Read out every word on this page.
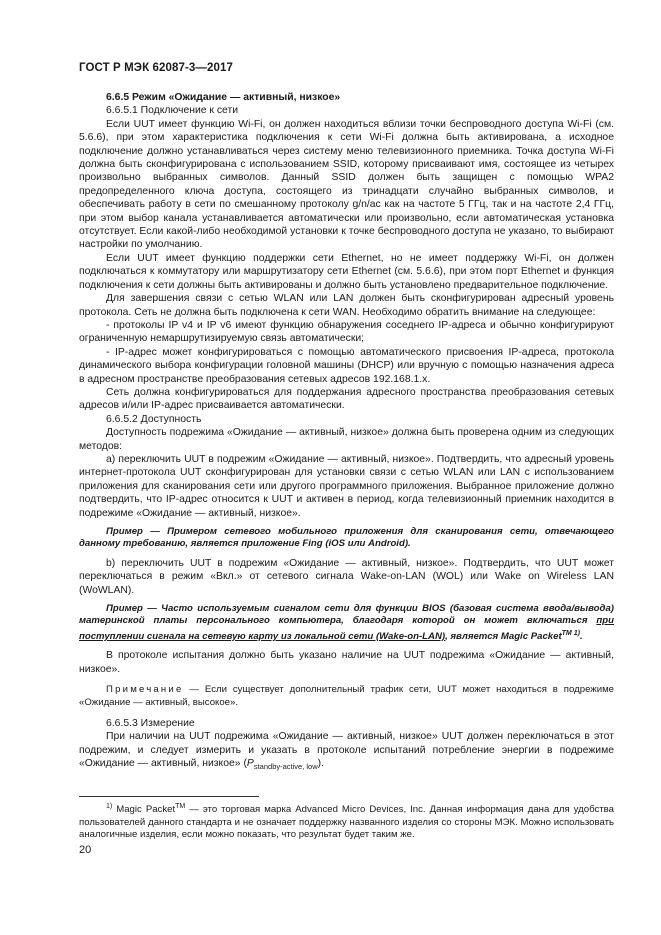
ГОСТ Р МЭК 62087-3—2017

6.6.5 Режим «Ожидание — активный, низкое»

6.6.5.1 Подключение к сети

Если UUT имеет функцию Wi-Fi, он должен находиться вблизи точки беспроводного доступа Wi-Fi (см. 5.6.6), при этом характеристика подключения к сети Wi-Fi должна быть активирована, а исходное подключение должно устанавливаться через систему меню телевизионного приемника. Точка доступа Wi-Fi должна быть сконфигурирована с использованием SSID, которому присваивают имя, состоящее из четырех произвольно выбранных символов. Данный SSID должен быть защищен с помощью WPA2 предопределенного ключа доступа, состоящего из тринадцати случайно выбранных символов, и обеспечивать работу в сети по смешанному протоколу g/n/ac как на частоте 5 ГГц, так и на частоте 2,4 ГГц, при этом выбор канала устанавливается автоматически или произвольно, если автоматическая установка отсутствует. Если какой-либо необходимой установки к точке беспроводного доступа не указано, то выбирают настройки по умолчанию.

Если UUT имеет функцию поддержки сети Ethernet, но не имеет поддержку Wi-Fi, он должен подключаться к коммутатору или маршрутизатору сети Ethernet (см. 5.6.6), при этом порт Ethernet и функция подключения к сети должны быть активированы и должно быть установлено предварительное подключение.

Для завершения связи с сетью WLAN или LAN должен быть сконфигурирован адресный уровень протокола. Сеть не должна быть подключена к сети WAN. Необходимо обратить внимание на следующее:

- протоколы IP v4 и IP v6 имеют функцию обнаружения соседнего IP-адреса и обычно конфигурируют ограниченную немаршрутизируемую связь автоматически;

- IP-адрес может конфигурироваться с помощью автоматического присвоения IP-адреса, протокола динамического выбора конфигурации головной машины (DHCP) или вручную с помощью назначения адреса в адресном пространстве преобразования сетевых адресов 192.168.1.x.

Сеть должна конфигурироваться для поддержания адресного пространства преобразования сетевых адресов и/или IP-адрес присваивается автоматически.

6.6.5.2 Доступность

Доступность подрежима «Ожидание — активный, низкое» должна быть проверена одним из следующих методов:

а) переключить UUT в подрежим «Ожидание — активный, низкое». Подтвердить, что адресный уровень интернет-протокола UUT сконфигурирован для установки связи с сетью WLAN или LAN с использованием приложения для сканирования сети или другого программного приложения. Выбранное приложение должно подтвердить, что IP-адрес относится к UUT и активен в период, когда телевизионный приемник находится в подрежиме «Ожидание — активный, низкое».

Пример — Примером сетевого мобильного приложения для сканирования сети, отвечающего данному требованию, является приложение Fing (iOS или Android).

b) переключить UUT в подрежим «Ожидание — активный, низкое». Подтвердить, что UUT может переключаться в режим «Вкл.» от сетевого сигнала Wake-on-LAN (WOL) или Wake on Wireless LAN (WoWLAN).

Пример — Часто используемым сигналом сети для функции BIOS (базовая система ввода/вывода) материнской платы персонального компьютера, благодаря которой он может включаться при поступлении сигнала на сетевую карту из локальной сети (Wake-on-LAN), является Magic Packet$^{TM 1)}$.

В протоколе испытания должно быть указано наличие на UUT подрежима «Ожидание — активный, низкое».

Примечание — Если существует дополнительный трафик сети, UUT может находиться в подрежиме «Ожидание — активный, высокое».

6.6.5.3 Измерение

При наличии на UUT подрежима «Ожидание — активный, низкое» UUT должен переключаться в этот подрежим, и следует измерить и указать в протоколе испытаний потребление энергии в подрежиме «Ожидание — активный, низкое» $(P_{standby-active, low})$.

$^{1)}$ Magic Packet™ — это торговая марка Advanced Micro Devices, Inc. Данная информация дана для удобства пользователей данного стандарта и не означает поддержку названного изделия со стороны МЭК. Можно использовать аналогичные изделия, если можно показать, что результат будет таким же.
20
